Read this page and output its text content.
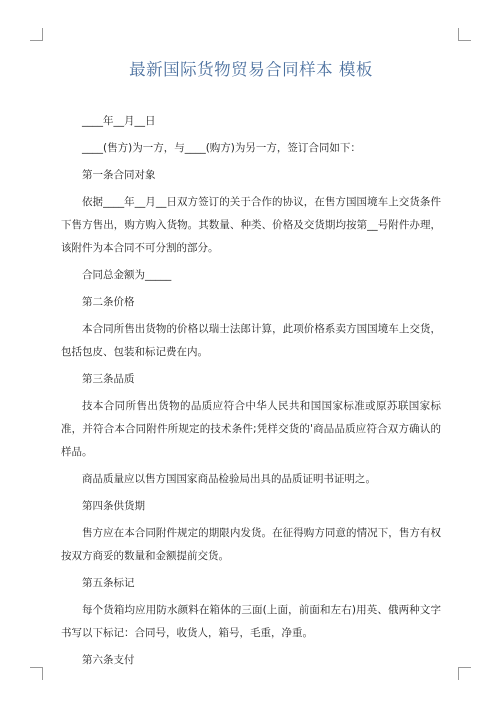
最新国际货物贸易合同样本 模板
____年__月__日
____(售方)为一方，与____(购方)为另一方，签订合同如下：
第一条合同对象
依据____年__月__日双方签订的关于合作的协议，在售方国国境车上交货条件下售方售出，购方购入货物。其数量、种类、价格及交货期均按第__号附件办理，该附件为本合同不可分割的部分。
合同总金额为_____
第二条价格
本合同所售出货物的价格以瑞士法郎计算，此项价格系卖方国国境车上交货，包括包皮、包装和标记费在内。
第三条品质
技本合同所售出货物的品质应符合中华人民共和国国家标准或原苏联国家标准，并符合本合同附件所规定的技术条件;凭样交货的'商品品质应符合双方确认的样品。
商品质量应以售方国国家商品检验局出具的品质证明书证明之。
第四条供货期
售方应在本合同附件规定的期限内发货。在征得购方同意的情况下，售方有权按双方商妥的数量和金额提前交货。
第五条标记
每个货箱均应用防水颜料在箱体的三面(上面，前面和左右)用英、俄两种文字书写以下标记：合同号，收货人，箱号，毛重，净重。
第六条支付
